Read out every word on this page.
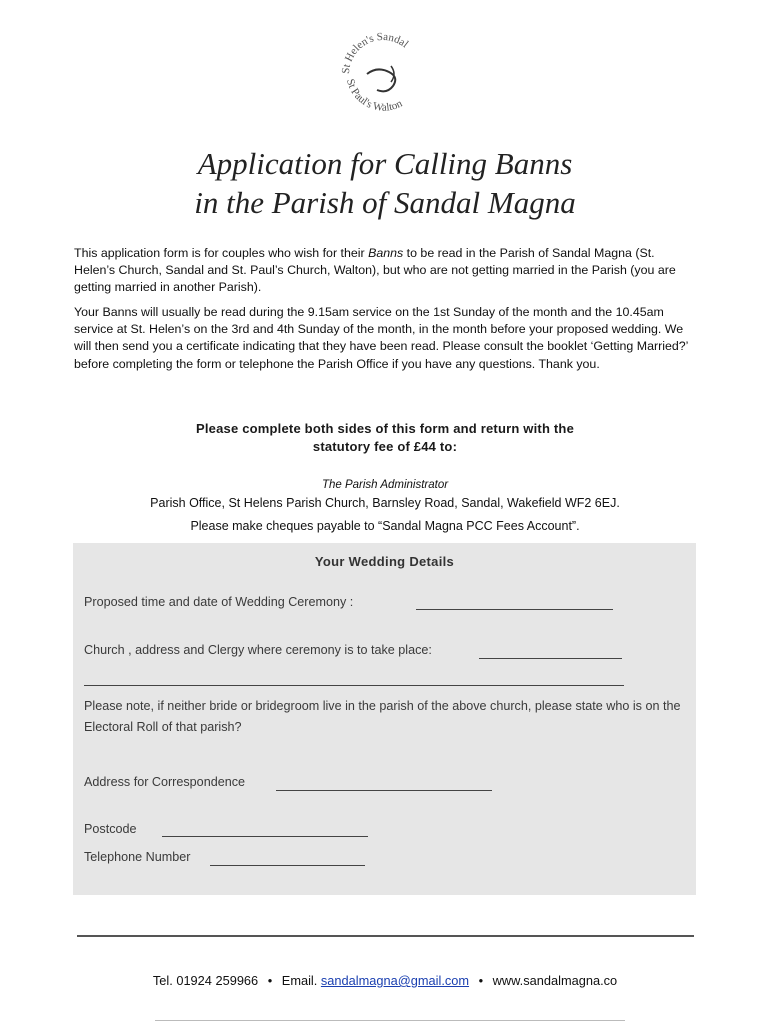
St Helen's Sandal
St Paul's Walton
Application for Calling Banns
in the Parish of Sandal Magna

This application form is for couples who wish for their Banns to be read in the Parish of Sandal Magna (St. Helen’s Church, Sandal and St. Paul’s Church, Walton), but who are not getting married in the Parish (you are getting married in another Parish).

Your Banns will usually be read during the 9.15am service on the 1st Sunday of the month and the 10.45am service at St. Helen’s on the 3rd and 4th Sunday of the month, in the month before your proposed wedding. We will then send you a certificate indicating that they have been read. Please consult the booklet ‘Getting Married?’ before completing the form or telephone the Parish Office if you have any questions. Thank you.

Please complete both sides of this form and return with the
statutory fee of £44 to:

The Parish Administrator

Parish Office, St Helens Parish Church, Barnsley Road, Sandal, Wakefield WF2 6EJ.

Please make cheques payable to “Sandal Magna PCC Fees Account”.

Your Wedding Details
Proposed time and date of Wedding Ceremony :
Church , address and Clergy where ceremony is to take place:

Please note, if neither bride or bridegroom live in the parish of the above church, please state who is on the Electoral Roll of that parish?

Address for Correspondence
Postcode
Telephone Number
Tel. 01924 259966 • Email. sandalmagna@gmail.com • www.sandalmagna.co
